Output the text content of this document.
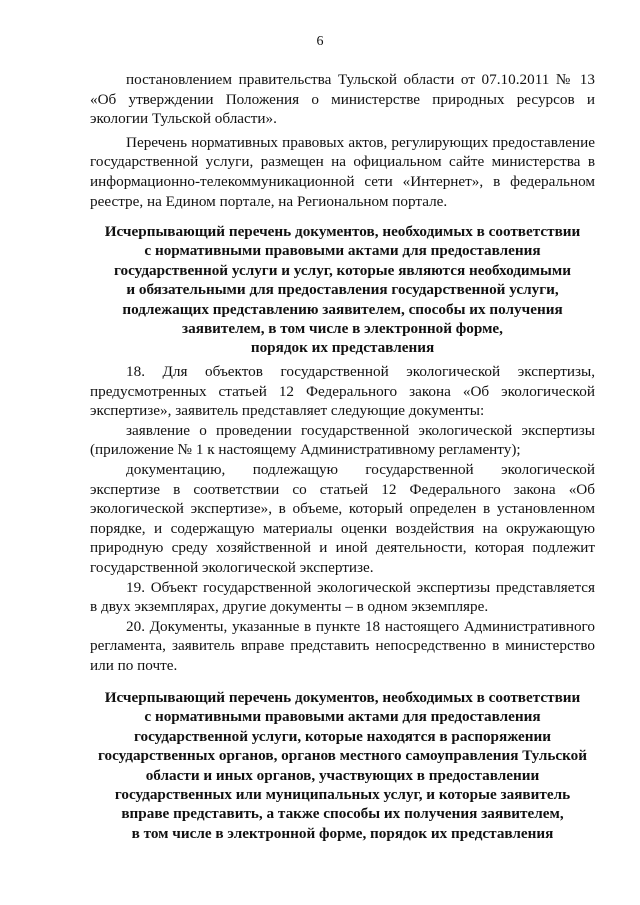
6

постановлением правительства Тульской области от 07.10.2011 № 13 «Об утверждении Положения о министерстве природных ресурсов и экологии Тульской области».

Перечень нормативных правовых актов, регулирующих предоставление государственной услуги, размещен на официальном сайте министерства в информационно-телекоммуникационной сети «Интернет», в федеральном реестре, на Едином портале, на Региональном портале.

Исчерпывающий перечень документов, необходимых в соответствии
с нормативными правовыми актами для предоставления
государственной услуги и услуг, которые являются необходимыми
и обязательными для предоставления государственной услуги,
подлежащих представлению заявителем, способы их получения
заявителем, в том числе в электронной форме,
порядок их представления

18. Для объектов государственной экологической экспертизы, предусмотренных статьей 12 Федерального закона «Об экологической экспертизе», заявитель представляет следующие документы:

заявление о проведении государственной экологической экспертизы (приложение № 1 к настоящему Административному регламенту);

документацию, подлежащую государственной экологической экспертизе в соответствии со статьей 12 Федерального закона «Об экологической экспертизе», в объеме, который определен в установленном порядке, и содержащую материалы оценки воздействия на окружающую природную среду хозяйственной и иной деятельности, которая подлежит государственной экологической экспертизе.

19. Объект государственной экологической экспертизы представляется в двух экземплярах, другие документы – в одном экземпляре.

20. Документы, указанные в пункте 18 настоящего Административного регламента, заявитель вправе представить непосредственно в министерство или по почте.

Исчерпывающий перечень документов, необходимых в соответствии
с нормативными правовыми актами для предоставления
государственной услуги, которые находятся в распоряжении
государственных органов, органов местного самоуправления Тульской
области и иных органов, участвующих в предоставлении
государственных или муниципальных услуг, и которые заявитель
вправе представить, а также способы их получения заявителем,
в том числе в электронной форме, порядок их представления
